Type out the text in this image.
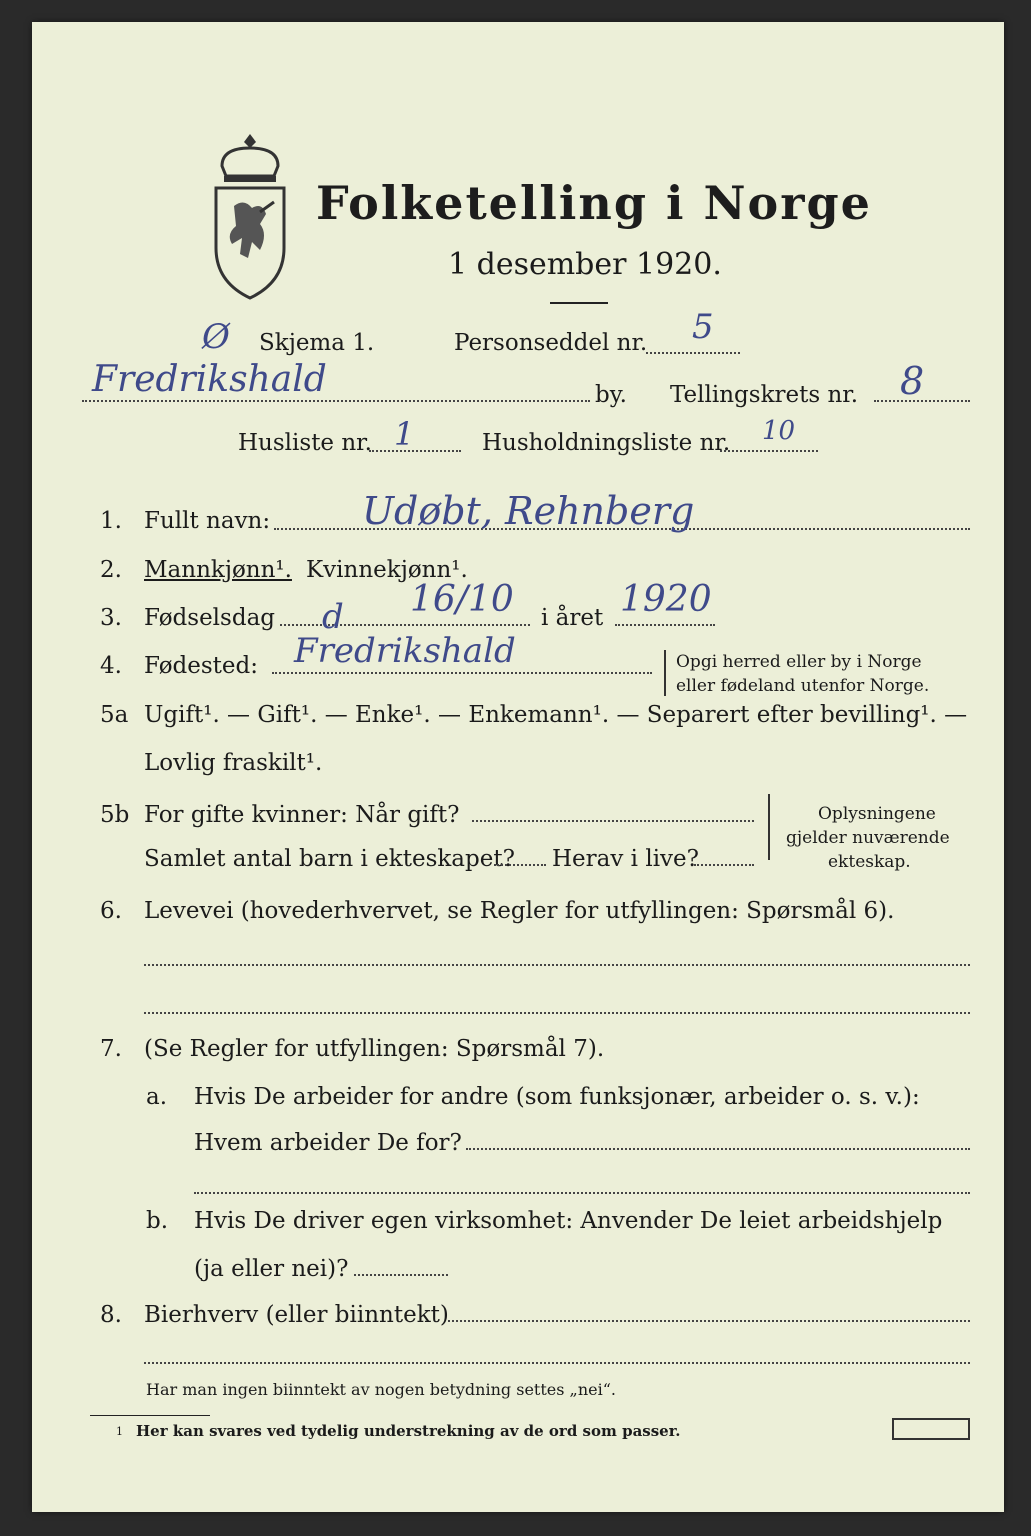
Folketelling i Norge
1 desember 1920.
Ø Skjema 1.	Personseddel nr. 5
Fredrikshald	by. Tellingskrets nr. 8
Husliste nr. 1	Husholdningsliste nr. 10
1. Fullt navn: Udøbt, Rehnberg
2. Mannkjønn¹. Kvinnekjønn¹.
3. Fødselsdag d 16/10 i året 1920
4. Fødested: Fredrikshald	Opgi herred eller by i Norge
eller fødeland utenfor Norge.
5a Ugift¹. — Gift¹. — Enke¹. — Enkemann¹. — Separert efter bevilling¹. —
Lovlig fraskilt¹.
5b For gifte kvinner: Når gift?
Samlet antal barn i ekteskapet? Herav i live?
Oplysningene
gjelder nuværende
ekteskap.
6. Levevei (hovederhvervet, se Regler for utfyllingen: Spørsmål 6).
7. (Se Regler for utfyllingen: Spørsmål 7).
a. Hvis De arbeider for andre (som funksjonær, arbeider o. s. v.):
Hvem arbeider De for?
b. Hvis De driver egen virksomhet: Anvender De leiet arbeidshjelp
(ja eller nei)?
8. Bierhverv (eller biinntekt)
Har man ingen biinntekt av nogen betydning settes „nei“.
1 Her kan svares ved tydelig understrekning av de ord som passer.
